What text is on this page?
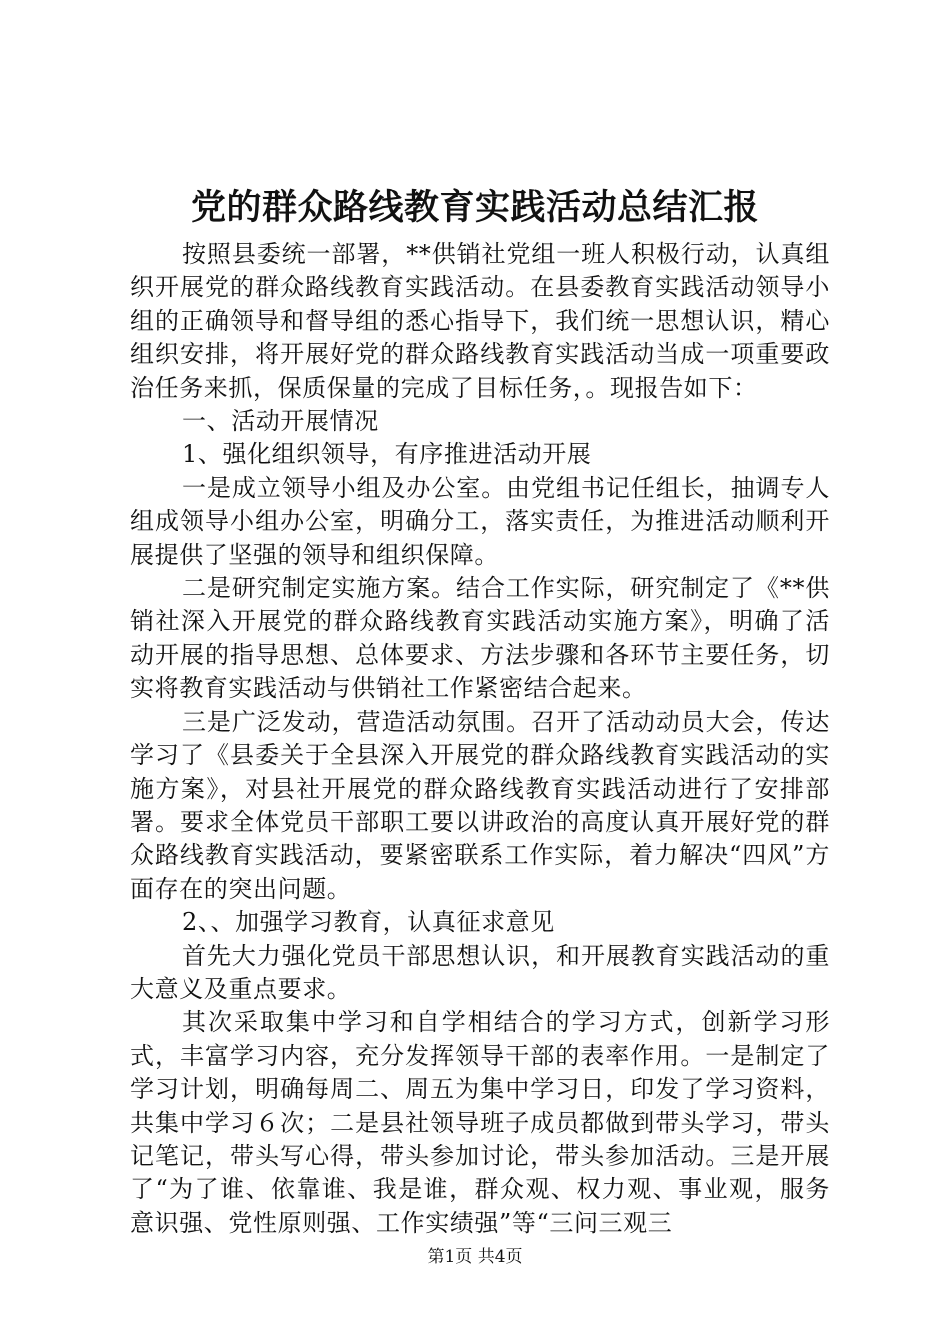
党的群众路线教育实践活动总结汇报

按照县委统一部署，**供销社党组一班人积极行动，认真组织开展党的群众路线教育实践活动。在县委教育实践活动领导小组的正确领导和督导组的悉心指导下，我们统一思想认识，精心组织安排，将开展好党的群众路线教育实践活动当成一项重要政治任务来抓，保质保量的完成了目标任务，。现报告如下：

一、活动开展情况

1、强化组织领导，有序推进活动开展

一是成立领导小组及办公室。由党组书记任组长，抽调专人组成领导小组办公室，明确分工，落实责任，为推进活动顺利开展提供了坚强的领导和组织保障。

二是研究制定实施方案。结合工作实际，研究制定了《**供销社深入开展党的群众路线教育实践活动实施方案》，明确了活动开展的指导思想、总体要求、方法步骤和各环节主要任务，切实将教育实践活动与供销社工作紧密结合起来。

三是广泛发动，营造活动氛围。召开了活动动员大会，传达学习了《县委关于全县深入开展党的群众路线教育实践活动的实施方案》，对县社开展党的群众路线教育实践活动进行了安排部署。要求全体党员干部职工要以讲政治的高度认真开展好党的群众路线教育实践活动，要紧密联系工作实际，着力解决“四风”方面存在的突出问题。

2、、加强学习教育，认真征求意见

首先大力强化党员干部思想认识，和开展教育实践活动的重大意义及重点要求。

其次采取集中学习和自学相结合的学习方式，创新学习形式，丰富学习内容，充分发挥领导干部的表率作用。一是制定了学习计划，明确每周二、周五为集中学习日，印发了学习资料，共集中学习６次；二是县社领导班子成员都做到带头学习，带头记笔记，带头写心得，带头参加讨论，带头参加活动。三是开展了“为了谁、依靠谁、我是谁，群众观、权力观、事业观，服务意识强、党性原则强、工作实绩强”等“三问三观三

第1页 共4页
